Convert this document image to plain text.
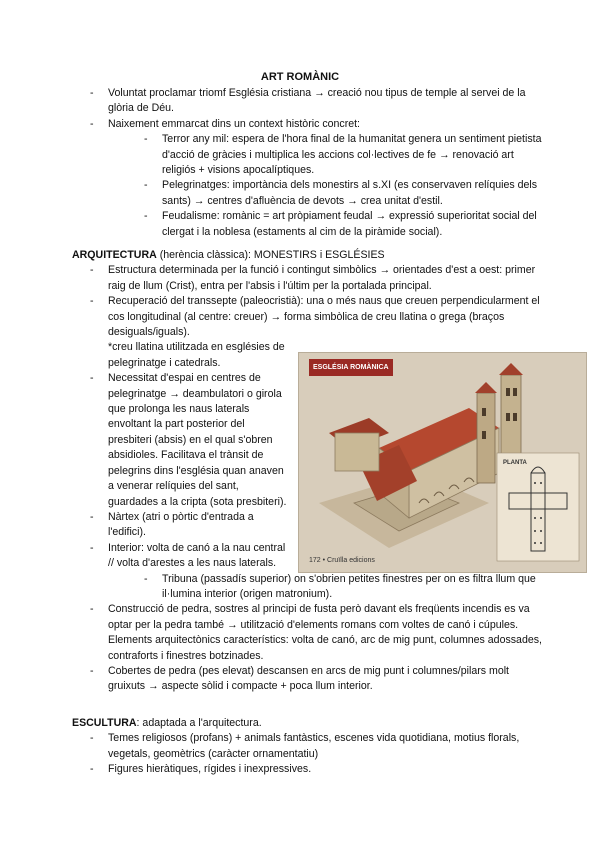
ART ROMÀNIC
- Voluntat proclamar triomf Església cristiana → creació nou tipus de temple al servei de la glòria de Déu.
- Naixement emmarcat dins un context històric concret:
- Terror any mil: espera de l'hora final de la humanitat genera un sentiment pietista d'acció de gràcies i multiplica les accions col·lectives de fe → renovació art religiós + visions apocalíptiques.
- Pelegrinatges: importància dels monestirs al s.XI (es conservaven relíquies dels sants) → centres d'afluència de devots → crea unitat d'estil.
- Feudalisme: romànic = art pròpiament feudal → expressió superioritat social del clergat i la noblesa (estaments al cim de la piràmide social).
ARQUITECTURA (herència clàssica): MONESTIRS i ESGLÉSIES
- Estructura determinada per la funció i contingut simbòlics → orientades d'est a oest: primer raig de llum (Crist), entra per l'absis i l'últim per la portalada principal.
- Recuperació del transsepte (paleocristià): una o més naus que creuen perpendicularment el cos longitudinal (al centre: creuer) → forma simbòlica de creu llatina o grega (braços desiguals/iguals).
*creu llatina utilitzada en esglésies de pelegrinatge i catedrals.
- Necessitat d'espai en centres de pelegrinatge → deambulatori o girola que prolonga les naus laterals envoltant la part posterior del presbiteri (absis) en el qual s'obren absidioles. Facilitava el trànsit de pelegrins dins l'església quan anaven a venerar relíquies del sant, guardades a la cripta (sota presbiteri).
- Nàrtex (atri o pòrtic d'entrada a l'edifici).
- Interior: volta de canó a la nau central // volta d'arestes a les naus laterals.
- Tribuna (passadís superior) on s'obrien petites finestres per on es filtra llum que il·lumina interior (origen matronium).
- Construcció de pedra, sostres al principi de fusta però davant els freqüents incendis es va optar per la pedra també → utilització d'elements romans com voltes de canó i cúpules. Elements arquitectònics característics: volta de canó, arc de mig punt, columnes adossades, contraforts i finestres botzinades.
- Cobertes de pedra (pes elevat) descansen en arcs de mig punt i columnes/pilars molt gruixuts → aspecte sòlid i compacte + poca llum interior.
ESGLÉSIA ROMÀNICA
PLANTA
172 • Cruïlla edicions
ESCULTURA: adaptada a l'arquitectura.
- Temes religiosos (profans) + animals fantàstics, escenes vida quotidiana, motius florals, vegetals, geomètrics (caràcter ornamentatiu)
- Figures hieràtiques, rígides i inexpressives.
